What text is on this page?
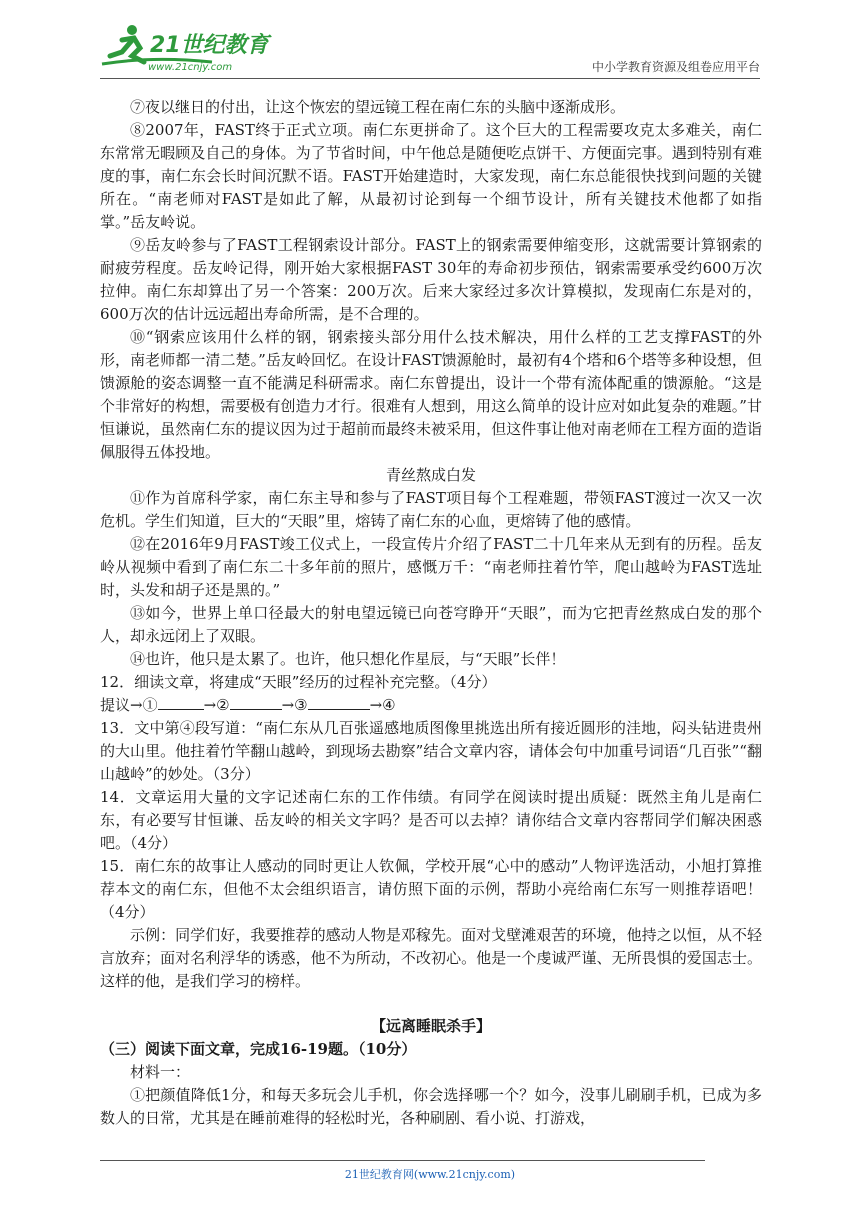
21世纪教育
www.21cnjy.com	中小学教育资源及组卷应用平台

⑦夜以继日的付出，让这个恢宏的望远镜工程在南仁东的头脑中逐渐成形。

⑧2007年，FAST终于正式立项。南仁东更拼命了。这个巨大的工程需要攻克太多难关，南仁东常常无暇顾及自己的身体。为了节省时间，中午他总是随便吃点饼干、方便面完事。遇到特别有难度的事，南仁东会长时间沉默不语。FAST开始建造时，大家发现，南仁东总能很快找到问题的关键所在。“南老师对FAST是如此了解，从最初讨论到每一个细节设计，所有关键技术他都了如指掌。”岳友岭说。

⑨岳友岭参与了FAST工程钢索设计部分。FAST上的钢索需要伸缩变形，这就需要计算钢索的耐疲劳程度。岳友岭记得，刚开始大家根据FAST 30年的寿命初步预估，钢索需要承受约600万次拉伸。南仁东却算出了另一个答案：200万次。后来大家经过多次计算模拟，发现南仁东是对的，600万次的估计远远超出寿命所需，是不合理的。

⑩“钢索应该用什么样的钢，钢索接头部分用什么技术解决，用什么样的工艺支撑FAST的外形，南老师都一清二楚。”岳友岭回忆。在设计FAST馈源舱时，最初有4个塔和6个塔等多种设想，但馈源舱的姿态调整一直不能满足科研需求。南仁东曾提出，设计一个带有流体配重的馈源舱。“这是个非常好的构想，需要极有创造力才行。很难有人想到，用这么简单的设计应对如此复杂的难题。”甘恒谦说，虽然南仁东的提议因为过于超前而最终未被采用，但这件事让他对南老师在工程方面的造诣佩服得五体投地。

青丝熬成白发

⑪作为首席科学家，南仁东主导和参与了FAST项目每个工程难题，带领FAST渡过一次又一次危机。学生们知道，巨大的“天眼”里，熔铸了南仁东的心血，更熔铸了他的感情。

⑫在2016年9月FAST竣工仪式上，一段宣传片介绍了FAST二十几年来从无到有的历程。岳友岭从视频中看到了南仁东二十多年前的照片，感慨万千：“南老师拄着竹竿，爬山越岭为FAST选址时，头发和胡子还是黑的。”

⑬如今，世界上单口径最大的射电望远镜已向苍穹睁开“天眼”，而为它把青丝熬成白发的那个人，却永远闭上了双眼。

⑭也许，他只是太累了。也许，他只想化作星辰，与“天眼”长伴！

12．细读文章，将建成“天眼”经历的过程补充完整。（4分）

提议→①	→②	→③	→④

13．文中第④段写道：“南仁东从几百张遥感地质图像里挑选出所有接近圆形的洼地，闷头钻进贵州的大山里。他拄着竹竿翻山越岭，到现场去勘察”结合文章内容，请体会句中加重号词语“几百张”“翻山越岭”的妙处。（3分）

14．文章运用大量的文字记述南仁东的工作伟绩。有同学在阅读时提出质疑：既然主角儿是南仁东，有必要写甘恒谦、岳友岭的相关文字吗？是否可以去掉？请你结合文章内容帮同学们解决困惑吧。（4分）

15．南仁东的故事让人感动的同时更让人钦佩，学校开展“心中的感动”人物评选活动，小旭打算推荐本文的南仁东，但他不太会组织语言，请仿照下面的示例，帮助小亮给南仁东写一则推荐语吧！（4分）

示例：同学们好，我要推荐的感动人物是邓稼先。面对戈壁滩艰苦的环境，他持之以恒，从不轻言放弃；面对名利浮华的诱惑，他不为所动，不改初心。他是一个虔诚严谨、无所畏惧的爱国志士。这样的他，是我们学习的榜样。

【远离睡眠杀手】

（三）阅读下面文章，完成16-19题。（10分）

材料一：

①把颜值降低1分，和每天多玩会儿手机，你会选择哪一个？如今，没事儿刷刷手机，已成为多数人的日常，尤其是在睡前难得的轻松时光，各种刷剧、看小说、打游戏，

21世纪教育网(www.21cnjy.com)
